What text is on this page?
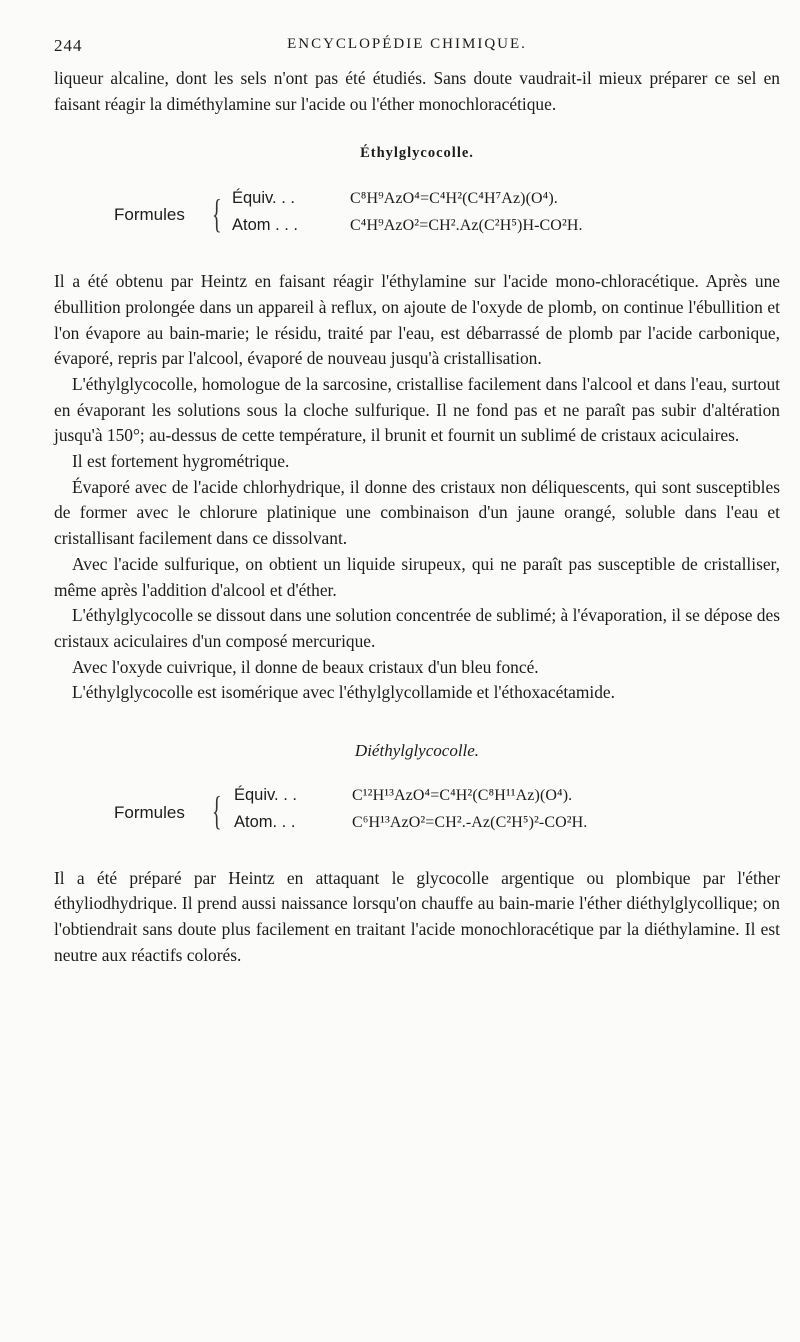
244	ENCYCLOPÉDIE CHIMIQUE.

liqueur alcaline, dont les sels n'ont pas été étudiés. Sans doute vaudrait-il mieux préparer ce sel en faisant réagir la diméthylamine sur l'acide ou l'éther monochloracétique.

Éthylglycocolle.
Formules { Équiv. . .	C⁸H⁹AzO⁴=C⁴H²(C⁴H⁷Az)(O⁴).
Atom . . .	C⁴H⁹AzO²=CH².Az(C²H⁵)H-CO²H.

Il a été obtenu par Heintz en faisant réagir l'éthylamine sur l'acide mono-chloracétique. Après une ébullition prolongée dans un appareil à reflux, on ajoute de l'oxyde de plomb, on continue l'ébullition et l'on évapore au bain-marie; le résidu, traité par l'eau, est débarrassé de plomb par l'acide carbonique, évaporé, repris par l'alcool, évaporé de nouveau jusqu'à cristallisation.

L'éthylglycocolle, homologue de la sarcosine, cristallise facilement dans l'alcool et dans l'eau, surtout en évaporant les solutions sous la cloche sulfurique. Il ne fond pas et ne paraît pas subir d'altération jusqu'à 150°; au-dessus de cette température, il brunit et fournit un sublimé de cristaux aciculaires.

Il est fortement hygrométrique.

Évaporé avec de l'acide chlorhydrique, il donne des cristaux non déliquescents, qui sont susceptibles de former avec le chlorure platinique une combinaison d'un jaune orangé, soluble dans l'eau et cristallisant facilement dans ce dissolvant.

Avec l'acide sulfurique, on obtient un liquide sirupeux, qui ne paraît pas susceptible de cristalliser, même après l'addition d'alcool et d'éther.

L'éthylglycocolle se dissout dans une solution concentrée de sublimé; à l'évaporation, il se dépose des cristaux aciculaires d'un composé mercurique.

Avec l'oxyde cuivrique, il donne de beaux cristaux d'un bleu foncé.

L'éthylglycocolle est isomérique avec l'éthylglycollamide et l'éthoxacétamide.

Diéthylglycocolle.
Formules { Équiv. . .	C¹²H¹³AzO⁴=C⁴H²(C⁸H¹¹Az)(O⁴).
Atom. . .	C⁶H¹³AzO²=CH².-Az(C²H⁵)²-CO²H.

Il a été préparé par Heintz en attaquant le glycocolle argentique ou plombique par l'éther éthyliodhydrique. Il prend aussi naissance lorsqu'on chauffe au bain-marie l'éther diéthylglycollique; on l'obtiendrait sans doute plus facilement en traitant l'acide monochloracétique par la diéthylamine. Il est neutre aux réactifs colorés.
